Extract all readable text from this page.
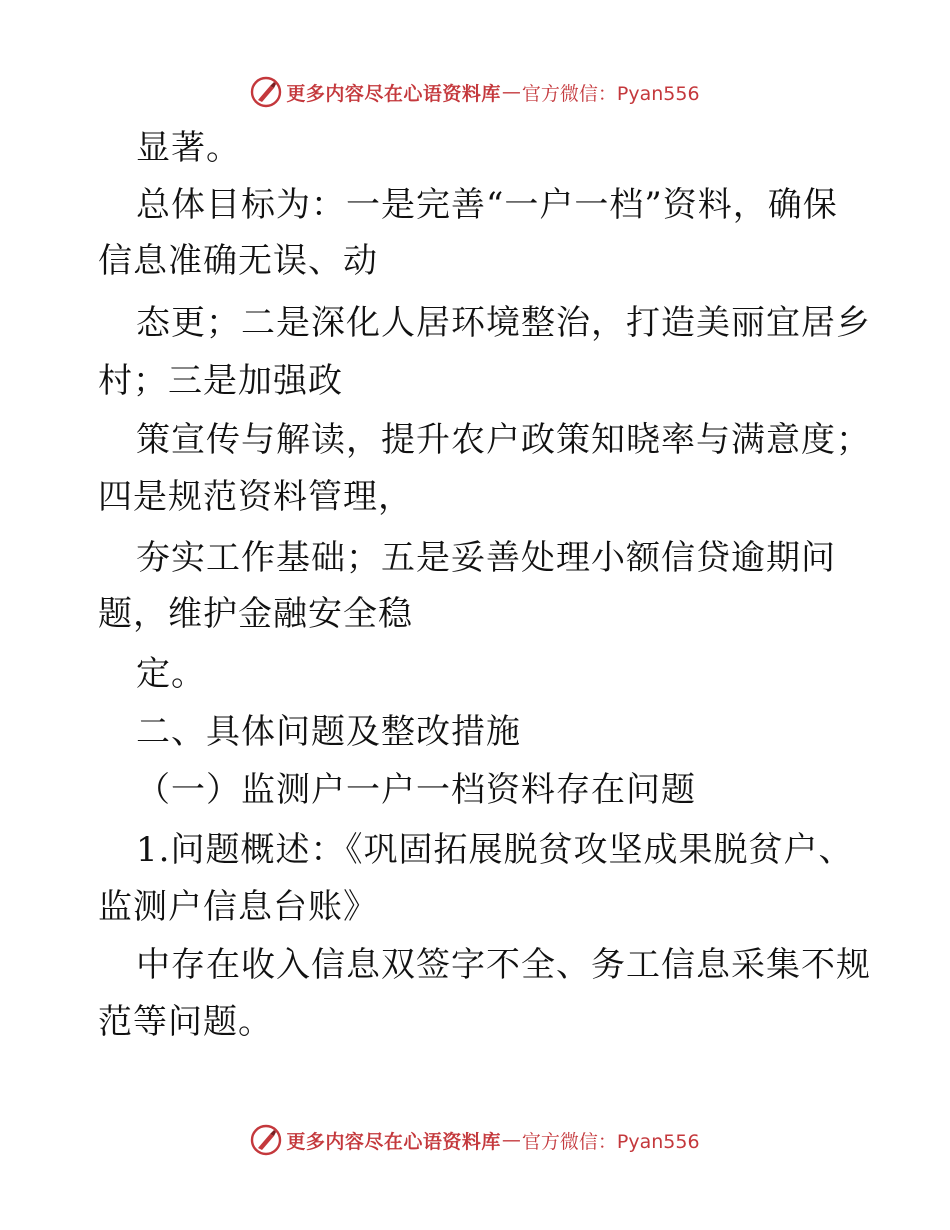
更多内容尽在心语资料库 — 官方微信：Pyan556
显著。
总体目标为：一是完善“一户一档”资料，确保
信息准确无误、动
态更；二是深化人居环境整治，打造美丽宜居乡
村；三是加强政
策宣传与解读，提升农户政策知晓率与满意度；
四是规范资料管理，
夯实工作基础；五是妥善处理小额信贷逾期问
题，维护金融安全稳
定。
二、具体问题及整改措施
（一）监测户一户一档资料存在问题
1.问题概述：《巩固拓展脱贫攻坚成果脱贫户、
监测户信息台账》
中存在收入信息双签字不全、务工信息采集不规
范等问题。
更多内容尽在心语资料库 — 官方微信：Pyan556
